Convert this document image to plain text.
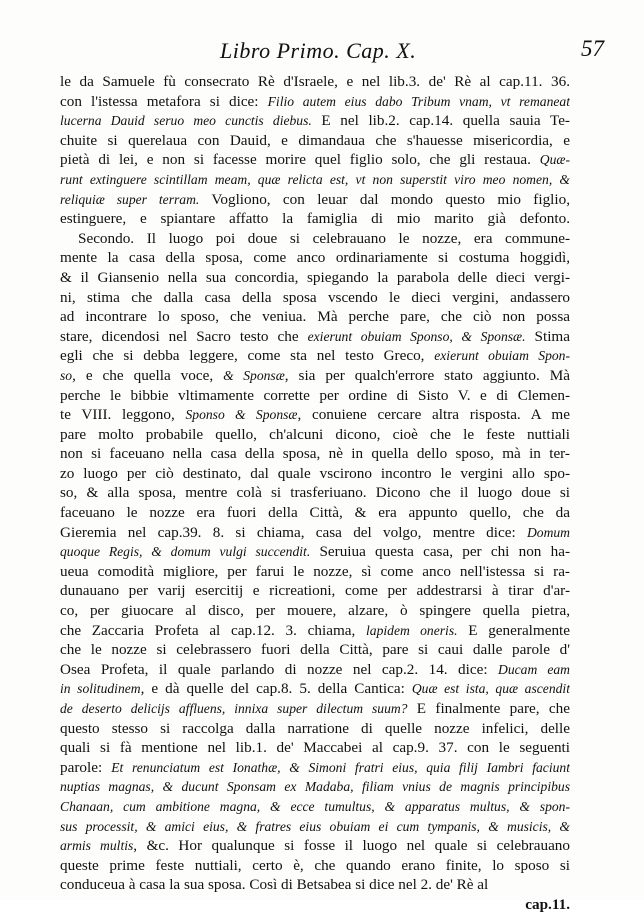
Libro Primo. Cap. X.	57
le da Samuele fù consecrato Rè d'Israele, e nel lib.3. de' Rè al cap.11. 36.
con l'istessa metafora si dice: Filio autem eius dabo Tribum vnam, vt remaneat
lucerna Dauid seruo meo cunctis diebus. E nel lib.2. cap.14. quella sauia Te-
chuite si querelaua con Dauid, e dimandaua che s'hauesse misericordia, e
pietà di lei, e non si facesse morire quel figlio solo, che gli restaua. Quæ-
runt extinguere scintillam meam, quæ relicta est, vt non superstit viro meo nomen, &
reliquiæ super terram. Vogliono, con leuar dal mondo questo mio figlio,
estinguere, e spiantare affatto la famiglia di mio marito già defonto.
Secondo. Il luogo poi doue si celebrauano le nozze, era commune-
mente la casa della sposa, come anco ordinariamente si costuma hoggidì,
& il Giansenio nella sua concordia, spiegando la parabola delle dieci vergi-
ni, stima che dalla casa della sposa vscendo le dieci vergini, andassero
ad incontrare lo sposo, che veniua. Mà perche pare, che ciò non possa
stare, dicendosi nel Sacro testo che exierunt obuiam Sponso, & Sponsæ. Stima
egli che si debba leggere, come sta nel testo Greco, exierunt obuiam Spon-
so, e che quella voce, & Sponsæ, sia per qualch'errore stato aggiunto. Mà
perche le bibbie vltimamente corrette per ordine di Sisto V. e di Clemen-
te VIII. leggono, Sponso & Sponsæ, conuiene cercare altra risposta. A me
pare molto probabile quello, ch'alcuni dicono, cioè che le feste nuttiali
non si faceuano nella casa della sposa, nè in quella dello sposo, mà in ter-
zo luogo per ciò destinato, dal quale vscirono incontro le vergini allo spo-
so, & alla sposa, mentre colà si trasferiuano. Dicono che il luogo doue si
faceuano le nozze era fuori della Città, & era appunto quello, che da
Gieremia nel cap.39. 8. si chiama, casa del volgo, mentre dice: Domum
quoque Regis, & domum vulgi succendit. Seruiua questa casa, per chi non ha-
ueua comodità migliore, per farui le nozze, sì come anco nell'istessa si ra-
dunauano per varij esercitij e ricreationi, come per addestrarsi à tirar d'ar-
co, per giuocare al disco, per mouere, alzare, ò spingere quella pietra,
che Zaccaria Profeta al cap.12. 3. chiama, lapidem oneris. E generalmente
che le nozze si celebrassero fuori della Città, pare si caui dalle parole d'
Osea Profeta, il quale parlando di nozze nel cap.2. 14. dice: Ducam eam
in solitudinem, e dà quelle del cap.8. 5. della Cantica: Quæ est ista, quæ ascendit
de deserto delicijs affluens, innixa super dilectum suum? E finalmente pare, che
questo stesso si raccolga dalla narratione di quelle nozze infelici, delle
quali si fà mentione nel lib.1. de' Maccabei al cap.9. 37. con le seguenti
parole: Et renunciatum est Ionathæ, & Simoni fratri eius, quia filij Iambri faciunt
nuptias magnas, & ducunt Sponsam ex Madaba, filiam vnius de magnis principibus
Chanaan, cum ambitione magna, & ecce tumultus, & apparatus multus, & spon-
sus processit, & amici eius, & fratres eius obuiam ei cum tympanis, & musicis, &
armis multis, &c. Hor qualunque si fosse il luogo nel quale si celebrauano
queste prime feste nuttiali, certo è, che quando erano finite, lo sposo si
conduceua à casa la sua sposa. Così di Betsabea si dice nel 2. de' Rè al
cap.11.
